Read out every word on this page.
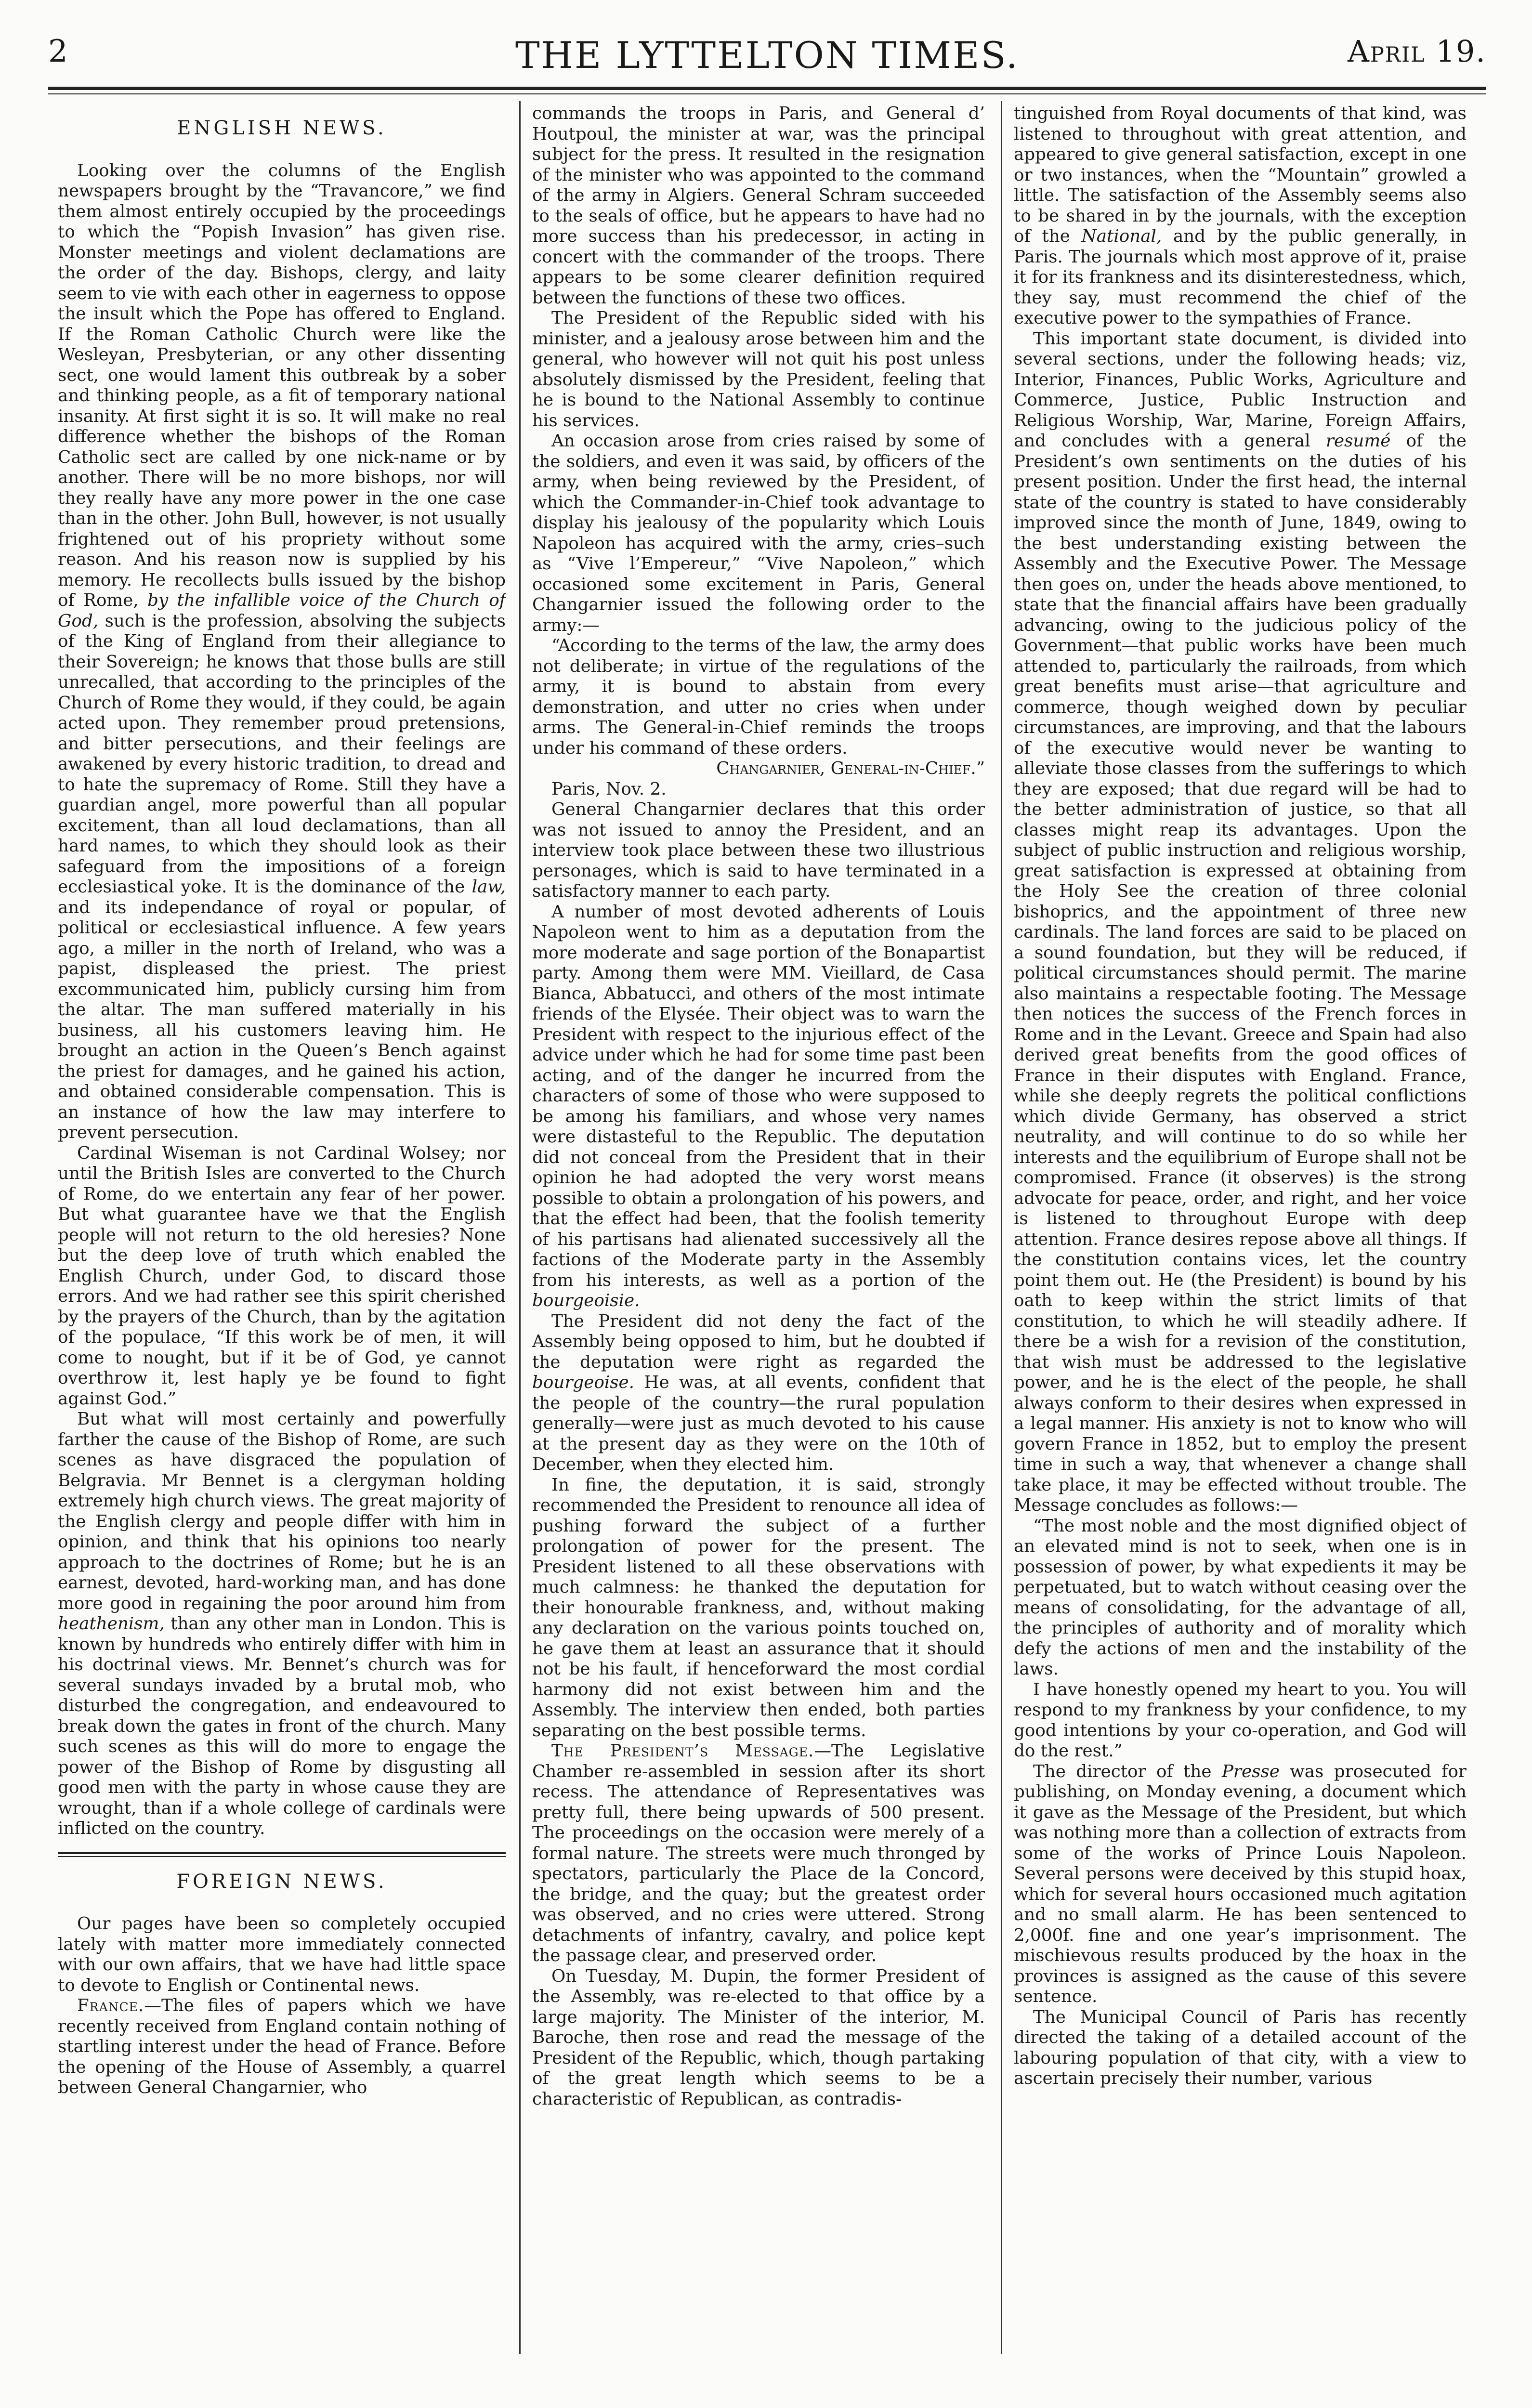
2	THE LYTTELTON TIMES.	April 19.
ENGLISH NEWS.

Looking over the columns of the English newspapers brought by the “Travancore,” we find them almost entirely occupied by the proceedings to which the “Popish Invasion” has given rise. Monster meetings and violent declamations are the order of the day. Bishops, clergy, and laity seem to vie with each other in eagerness to oppose the insult which the Pope has offered to England. If the Roman Catholic Church were like the Wesleyan, Presbyterian, or any other dissenting sect, one would lament this outbreak by a sober and thinking people, as a fit of temporary national insanity. At first sight it is so. It will make no real difference whether the bishops of the Roman Catholic sect are called by one nick-name or by another. There will be no more bishops, nor will they really have any more power in the one case than in the other. John Bull, however, is not usually frightened out of his propriety without some reason. And his reason now is supplied by his memory. He recollects bulls issued by the bishop of Rome, by the infallible voice of the Church of God, such is the profession, absolving the subjects of the King of England from their allegiance to their Sovereign; he knows that those bulls are still unrecalled, that according to the principles of the Church of Rome they would, if they could, be again acted upon. They remember proud pretensions, and bitter persecutions, and their feelings are awakened by every historic tradition, to dread and to hate the supremacy of Rome. Still they have a guardian angel, more powerful than all popular excitement, than all loud declamations, than all hard names, to which they should look as their safeguard from the impositions of a foreign ecclesiastical yoke. It is the dominance of the law, and its independance of royal or popular, of political or ecclesiastical influence. A few years ago, a miller in the north of Ireland, who was a papist, displeased the priest. The priest excommunicated him, publicly cursing him from the altar. The man suffered materially in his business, all his customers leaving him. He brought an action in the Queen’s Bench against the priest for damages, and he gained his action, and obtained considerable compensation. This is an instance of how the law may interfere to prevent persecution.

Cardinal Wiseman is not Cardinal Wolsey; nor until the British Isles are converted to the Church of Rome, do we entertain any fear of her power. But what guarantee have we that the English people will not return to the old heresies? None but the deep love of truth which enabled the English Church, under God, to discard those errors. And we had rather see this spirit cherished by the prayers of the Church, than by the agitation of the populace, “If this work be of men, it will come to nought, but if it be of God, ye cannot overthrow it, lest haply ye be found to fight against God.”

But what will most certainly and powerfully farther the cause of the Bishop of Rome, are such scenes as have disgraced the population of Belgravia. Mr Bennet is a clergyman holding extremely high church views. The great majority of the English clergy and people differ with him in opinion, and think that his opinions too nearly approach to the doctrines of Rome; but he is an earnest, devoted, hard-working man, and has done more good in regaining the poor around him from heathenism, than any other man in London. This is known by hundreds who entirely differ with him in his doctrinal views. Mr. Bennet’s church was for several sundays invaded by a brutal mob, who disturbed the congregation, and endeavoured to break down the gates in front of the church. Many such scenes as this will do more to engage the power of the Bishop of Rome by disgusting all good men with the party in whose cause they are wrought, than if a whole college of cardinals were inflicted on the country.

FOREIGN NEWS.

Our pages have been so completely occupied lately with matter more immediately connected with our own affairs, that we have had little space to devote to English or Continental news.

France.—The files of papers which we have recently received from England contain nothing of startling interest under the head of France. Before the opening of the House of Assembly, a quarrel between General Changarnier, who

commands the troops in Paris, and General d’ Houtpoul, the minister at war, was the principal subject for the press. It resulted in the resignation of the minister who was appointed to the command of the army in Algiers. General Schram succeeded to the seals of office, but he appears to have had no more success than his predecessor, in acting in concert with the commander of the troops. There appears to be some clearer definition required between the functions of these two offices.

The President of the Republic sided with his minister, and a jealousy arose between him and the general, who however will not quit his post unless absolutely dismissed by the President, feeling that he is bound to the National Assembly to continue his services.

An occasion arose from cries raised by some of the soldiers, and even it was said, by officers of the army, when being reviewed by the President, of which the Commander-in-Chief took advantage to display his jealousy of the popularity which Louis Napoleon has acquired with the army, cries–such as “Vive l’Empereur,” “Vive Napoleon,” which occasioned some excitement in Paris, General Changarnier issued the following order to the army:—

“According to the terms of the law, the army does not deliberate; in virtue of the regulations of the army, it is bound to abstain from every demonstration, and utter no cries when under arms. The General-in-Chief reminds the troops under his command of these orders.

Changarnier, General-in-Chief.”

Paris, Nov. 2.

General Changarnier declares that this order was not issued to annoy the President, and an interview took place between these two illustrious personages, which is said to have terminated in a satisfactory manner to each party.

A number of most devoted adherents of Louis Napoleon went to him as a deputation from the more moderate and sage portion of the Bonapartist party. Among them were MM. Vieillard, de Casa Bianca, Abbatucci, and others of the most intimate friends of the Elysée. Their object was to warn the President with respect to the injurious effect of the advice under which he had for some time past been acting, and of the danger he incurred from the characters of some of those who were supposed to be among his familiars, and whose very names were distasteful to the Republic. The deputation did not conceal from the President that in their opinion he had adopted the very worst means possible to obtain a prolongation of his powers, and that the effect had been, that the foolish temerity of his partisans had alienated successively all the factions of the Moderate party in the Assembly from his interests, as well as a portion of the bourgeoisie.

The President did not deny the fact of the Assembly being opposed to him, but he doubted if the deputation were right as regarded the bourgeoise. He was, at all events, confident that the people of the country—the rural population generally—were just as much devoted to his cause at the present day as they were on the 10th of December, when they elected him.

In fine, the deputation, it is said, strongly recommended the President to renounce all idea of pushing forward the subject of a further prolongation of power for the present. The President listened to all these observations with much calmness: he thanked the deputation for their honourable frankness, and, without making any declaration on the various points touched on, he gave them at least an assurance that it should not be his fault, if henceforward the most cordial harmony did not exist between him and the Assembly. The interview then ended, both parties separating on the best possible terms.

The President’s Message.—The Legislative Chamber re-assembled in session after its short recess. The attendance of Representatives was pretty full, there being upwards of 500 present. The proceedings on the occasion were merely of a formal nature. The streets were much thronged by spectators, particularly the Place de la Concord, the bridge, and the quay; but the greatest order was observed, and no cries were uttered. Strong detachments of infantry, cavalry, and police kept the passage clear, and preserved order.

On Tuesday, M. Dupin, the former President of the Assembly, was re-elected to that office by a large majority. The Minister of the interior, M. Baroche, then rose and read the message of the President of the Republic, which, though partaking of the great length which seems to be a characteristic of Republican, as contradis-

tinguished from Royal documents of that kind, was listened to throughout with great attention, and appeared to give general satisfaction, except in one or two instances, when the “Mountain” growled a little. The satisfaction of the Assembly seems also to be shared in by the journals, with the exception of the National, and by the public generally, in Paris. The journals which most approve of it, praise it for its frankness and its disinterestedness, which, they say, must recommend the chief of the executive power to the sympathies of France.

This important state document, is divided into several sections, under the following heads; viz, Interior, Finances, Public Works, Agriculture and Commerce, Justice, Public Instruction and Religious Worship, War, Marine, Foreign Affairs, and concludes with a general resumé of the President’s own sentiments on the duties of his present position. Under the first head, the internal state of the country is stated to have considerably improved since the month of June, 1849, owing to the best understanding existing between the Assembly and the Executive Power. The Message then goes on, under the heads above mentioned, to state that the financial affairs have been gradually advancing, owing to the judicious policy of the Government—that public works have been much attended to, particularly the railroads, from which great benefits must arise—that agriculture and commerce, though weighed down by peculiar circumstances, are improving, and that the labours of the executive would never be wanting to alleviate those classes from the sufferings to which they are exposed; that due regard will be had to the better administration of justice, so that all classes might reap its advantages. Upon the subject of public instruction and religious worship, great satisfaction is expressed at obtaining from the Holy See the creation of three colonial bishoprics, and the appointment of three new cardinals. The land forces are said to be placed on a sound foundation, but they will be reduced, if political circumstances should permit. The marine also maintains a respectable footing. The Message then notices the success of the French forces in Rome and in the Levant. Greece and Spain had also derived great benefits from the good offices of France in their disputes with England. France, while she deeply regrets the political conflictions which divide Germany, has observed a strict neutrality, and will continue to do so while her interests and the equilibrium of Europe shall not be compromised. France (it observes) is the strong advocate for peace, order, and right, and her voice is listened to throughout Europe with deep attention. France desires repose above all things. If the constitution contains vices, let the country point them out. He (the President) is bound by his oath to keep within the strict limits of that constitution, to which he will steadily adhere. If there be a wish for a revision of the constitution, that wish must be addressed to the legislative power, and he is the elect of the people, he shall always conform to their desires when expressed in a legal manner. His anxiety is not to know who will govern France in 1852, but to employ the present time in such a way, that whenever a change shall take place, it may be effected without trouble. The Message concludes as follows:—

“The most noble and the most dignified object of an elevated mind is not to seek, when one is in possession of power, by what expedients it may be perpetuated, but to watch without ceasing over the means of consolidating, for the advantage of all, the principles of authority and of morality which defy the actions of men and the instability of the laws.

I have honestly opened my heart to you. You will respond to my frankness by your confidence, to my good intentions by your co-operation, and God will do the rest.”

The director of the Presse was prosecuted for publishing, on Monday evening, a document which it gave as the Message of the President, but which was nothing more than a collection of extracts from some of the works of Prince Louis Napoleon. Several persons were deceived by this stupid hoax, which for several hours occasioned much agitation and no small alarm. He has been sentenced to 2,000f. fine and one year’s imprisonment. The mischievous results produced by the hoax in the provinces is assigned as the cause of this severe sentence.

The Municipal Council of Paris has recently directed the taking of a detailed account of the labouring population of that city, with a view to ascertain precisely their number, various
